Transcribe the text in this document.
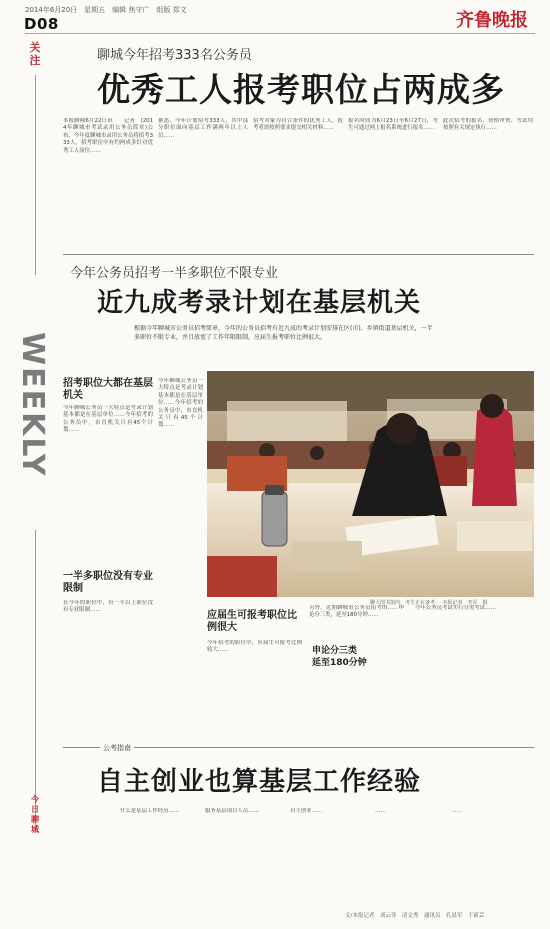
2014年6月20日　星期五　编辑 焦守广　组版 郑文
D08	齐鲁晚报
关注
WEEKLY
今日聊城
聊城今年招考333名公务员
优秀工人报考职位占两成多
本报聊城6月22日讯　　记者　(2014年聊城市考试录用公务员简章)公布，今年度聊城市录用公务员将招考333人，招考职位中有约两成多针对优秀工人岗位……
据悉，今年计划招考333人，其中部分职位面向基层工作满两年以上人员……
招考对象为符合条件的优秀工人，报考者需按照要求提交相关材料……
报名时间为6月23日至6月27日，考生可通过网上报名系统进行报名……
此次招考的报名、资格审查、考试均按照有关规定执行……
今年公务员招考一半多职位不限专业
近九成考录计划在基层机关
根据今年聊城市公务员招考简章，今年的公务员招考有近九成的考录计划安排在区(市)、乡镇街道基层机关，一半多职位不限专业，并且放宽了工作年限限制，应届生报考职位比例很大。
招考职位大都在基层机关
今年聊城公务员一大特点是考录计划基本都是在基层单位……今年招考的公务员中，市直机关只有45个计划……
一半多职位没有专业限制
在今年的职位中，有一半以上职位没有专业限制……
今年聊城公务员一大特点是考录计划基本都是在基层单位……今年招考的公务员中，市直机关只有45个计划……
聊大图书馆内，考生正在备考。　本报记者　李军　摄
应届生可报考职位比例很大
今年招考的职位中，应届生可报考比例较大……
另外，近期聊城市公务员招考的……申论分三类，延至180分钟……
申论分三类
延至180分钟
今年公务员考试实行分类考试……
公考指南
自主创业也算基层工作经验
什么是基层工作经历……	服务基层项目人员……	自主创业……	……	……
文/本报记者　刘云菲　凌文秀　通讯员　孔晨军　于新芸
